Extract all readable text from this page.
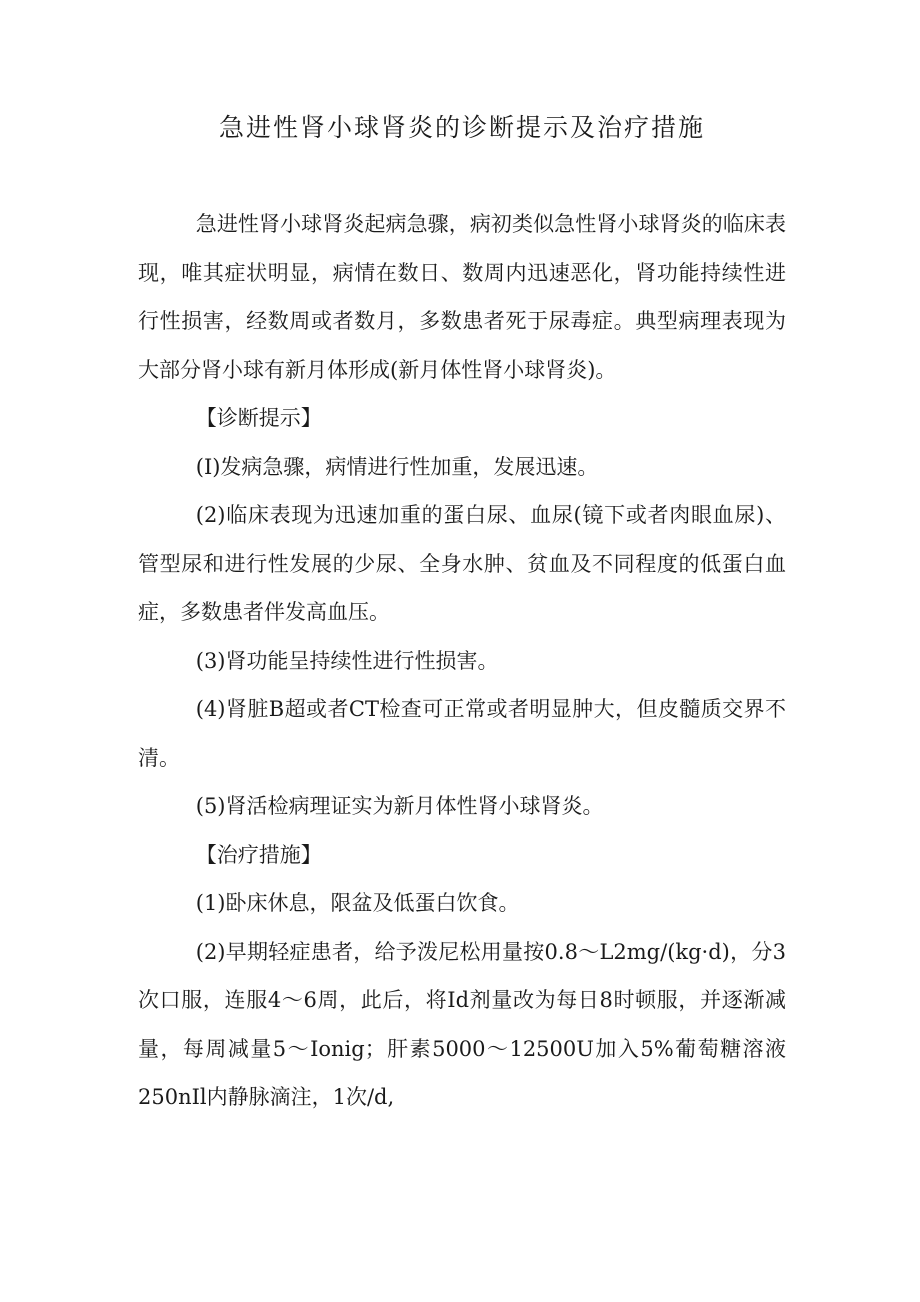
急进性肾小球肾炎的诊断提示及治疗措施

急进性肾小球肾炎起病急骤，病初类似急性肾小球肾炎的临床表现，唯其症状明显，病情在数日、数周内迅速恶化，肾功能持续性进行性损害，经数周或者数月，多数患者死于尿毒症。典型病理表现为大部分肾小球有新月体形成(新月体性肾小球肾炎)。

【诊断提示】

(I)发病急骤，病情进行性加重，发展迅速。

(2)临床表现为迅速加重的蛋白尿、血尿(镜下或者肉眼血尿)、管型尿和进行性发展的少尿、全身水肿、贫血及不同程度的低蛋白血症，多数患者伴发高血压。

(3)肾功能呈持续性进行性损害。

(4)肾脏B超或者CT检查可正常或者明显肿大，但皮髓质交界不清。

(5)肾活检病理证实为新月体性肾小球肾炎。

【治疗措施】

(1)卧床休息，限盆及低蛋白饮食。

(2)早期轻症患者，给予泼尼松用量按0.8～L2mg/(kg·d)，分3次口服，连服4～6周，此后，将Id剂量改为每日8时顿服，并逐渐减量，每周减量5～Ionig；肝素5000～12500U加入5%葡萄糖溶液250nIl内静脉滴注，1次/d,
